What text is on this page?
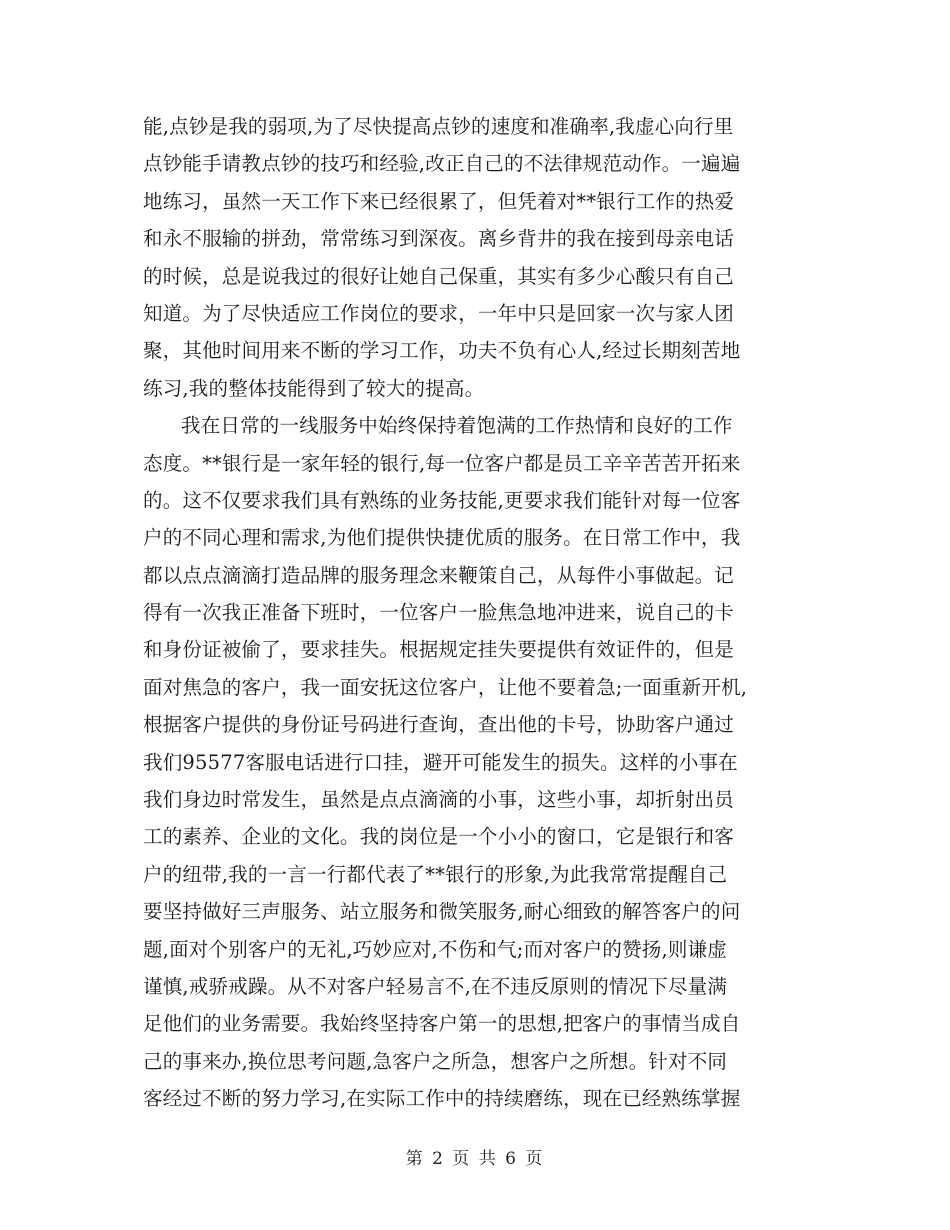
能,点钞是我的弱项,为了尽快提高点钞的速度和准确率,我虚心向行里
点钞能手请教点钞的技巧和经验,改正自己的不法律规范动作。一遍遍
地练习，虽然一天工作下来已经很累了，但凭着对**银行工作的热爱
和永不服输的拼劲，常常练习到深夜。离乡背井的我在接到母亲电话
的时候，总是说我过的很好让她自己保重，其实有多少心酸只有自己
知道。为了尽快适应工作岗位的要求，一年中只是回家一次与家人团
聚，其他时间用来不断的学习工作，功夫不负有心人,经过长期刻苦地
练习,我的整体技能得到了较大的提高。
我在日常的一线服务中始终保持着饱满的工作热情和良好的工作
态度。**银行是一家年轻的银行,每一位客户都是员工辛辛苦苦开拓来
的。这不仅要求我们具有熟练的业务技能,更要求我们能针对每一位客
户的不同心理和需求,为他们提供快捷优质的服务。在日常工作中，我
都以点点滴滴打造品牌的服务理念来鞭策自己，从每件小事做起。记
得有一次我正准备下班时，一位客户一脸焦急地冲进来，说自己的卡
和身份证被偷了，要求挂失。根据规定挂失要提供有效证件的，但是
面对焦急的客户，我一面安抚这位客户，让他不要着急;一面重新开机,
根据客户提供的身份证号码进行查询，查出他的卡号，协助客户通过
我们95577客服电话进行口挂，避开可能发生的损失。这样的小事在
我们身边时常发生，虽然是点点滴滴的小事，这些小事，却折射出员
工的素养、企业的文化。我的岗位是一个小小的窗口，它是银行和客
户的纽带,我的一言一行都代表了**银行的形象,为此我常常提醒自己
要坚持做好三声服务、站立服务和微笑服务,耐心细致的解答客户的问
题,面对个别客户的无礼,巧妙应对,不伤和气;而对客户的赞扬,则谦虚
谨慎,戒骄戒躁。从不对客户轻易言不,在不违反原则的情况下尽量满
足他们的业务需要。我始终坚持客户第一的思想,把客户的事情当成自
己的事来办,换位思考问题,急客户之所急，想客户之所想。针对不同
客经过不断的努力学习,在实际工作中的持续磨练，现在已经熟练掌握
第 2 页 共 6 页
